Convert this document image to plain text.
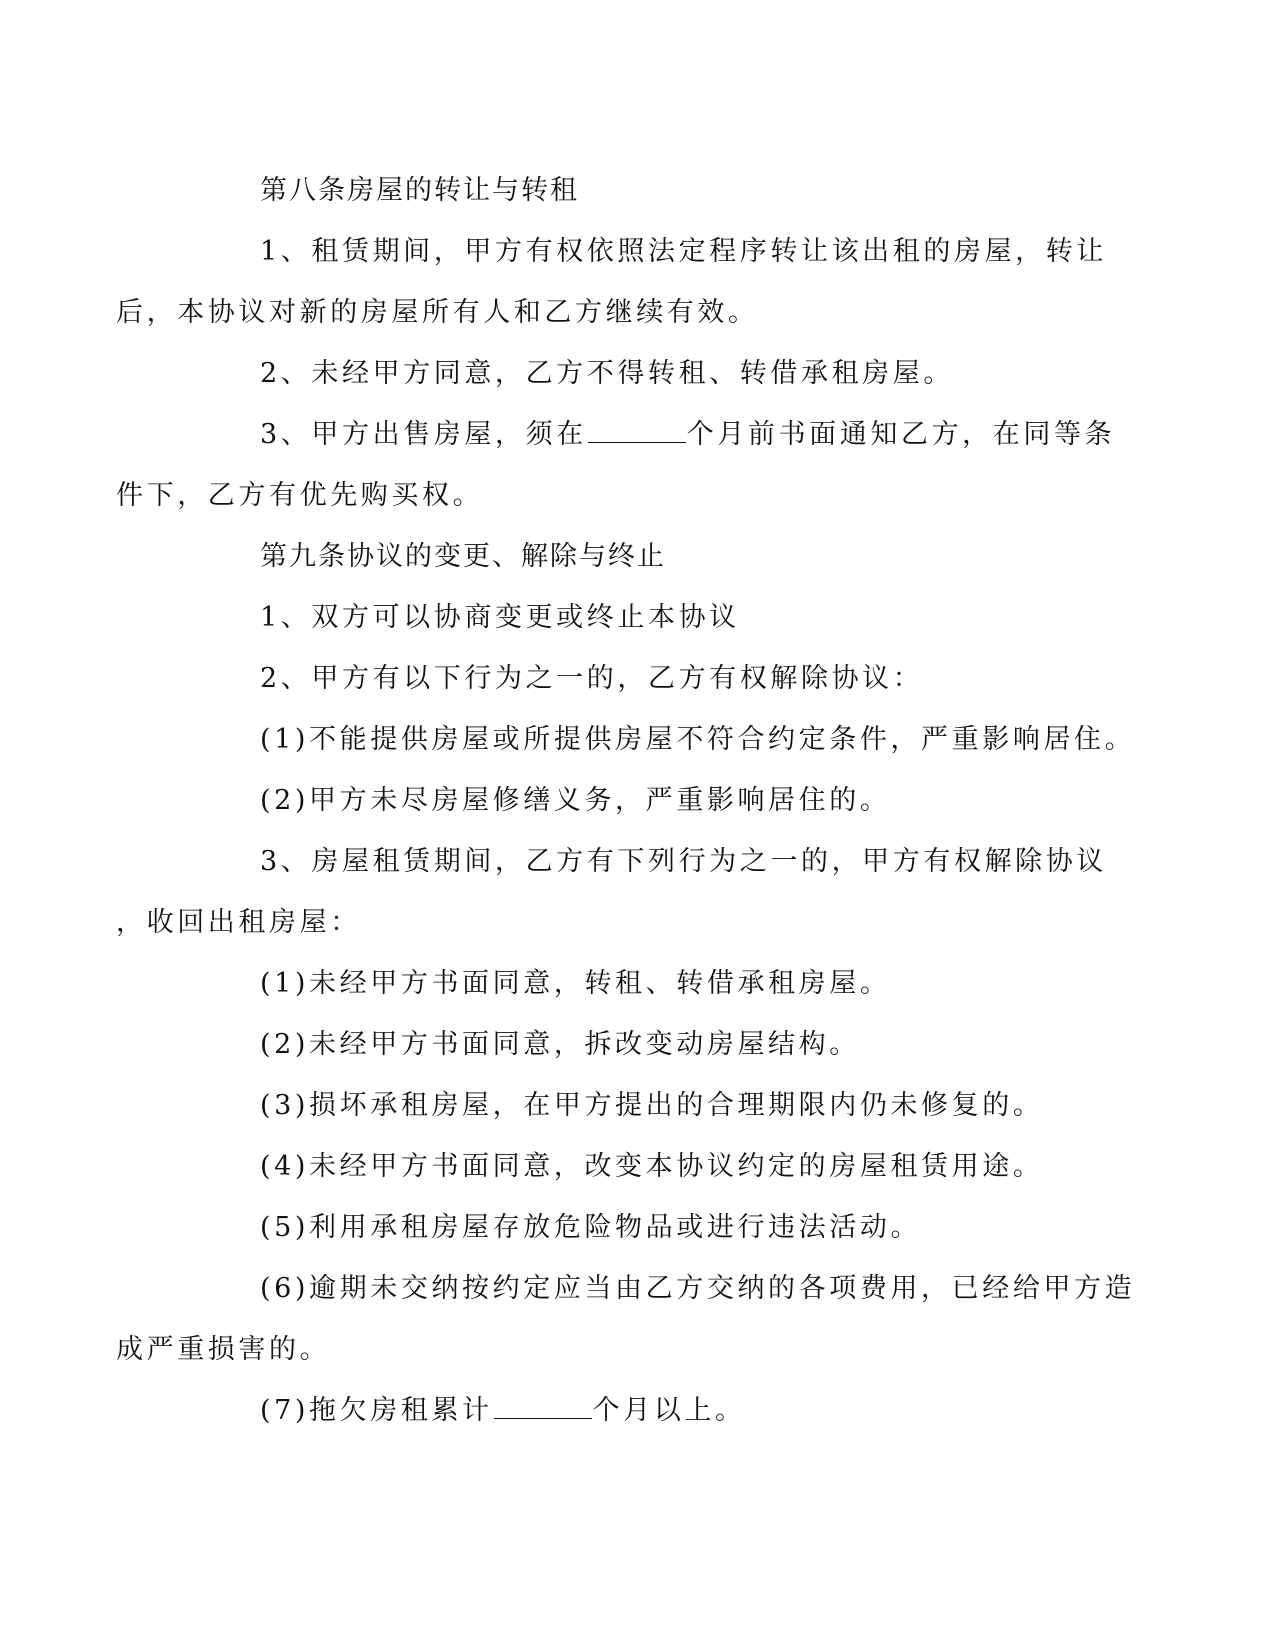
第八条房屋的转让与转租

1、租赁期间，甲方有权依照法定程序转让该出租的房屋，转让
后，本协议对新的房屋所有人和乙方继续有效。

2、未经甲方同意，乙方不得转租、转借承租房屋。

3、甲方出售房屋，须在	个月前书面通知乙方，在同等条
件下，乙方有优先购买权。

第九条协议的变更、解除与终止

1、双方可以协商变更或终止本协议

2、甲方有以下行为之一的，乙方有权解除协议：

(1)不能提供房屋或所提供房屋不符合约定条件，严重影响居住。

(2)甲方未尽房屋修缮义务，严重影响居住的。

3、房屋租赁期间，乙方有下列行为之一的，甲方有权解除协议
，收回出租房屋：

(1)未经甲方书面同意，转租、转借承租房屋。

(2)未经甲方书面同意，拆改变动房屋结构。

(3)损坏承租房屋，在甲方提出的合理期限内仍未修复的。

(4)未经甲方书面同意，改变本协议约定的房屋租赁用途。

(5)利用承租房屋存放危险物品或进行违法活动。

(6)逾期未交纳按约定应当由乙方交纳的各项费用，已经给甲方造
成严重损害的。

(7)拖欠房租累计	个月以上。
